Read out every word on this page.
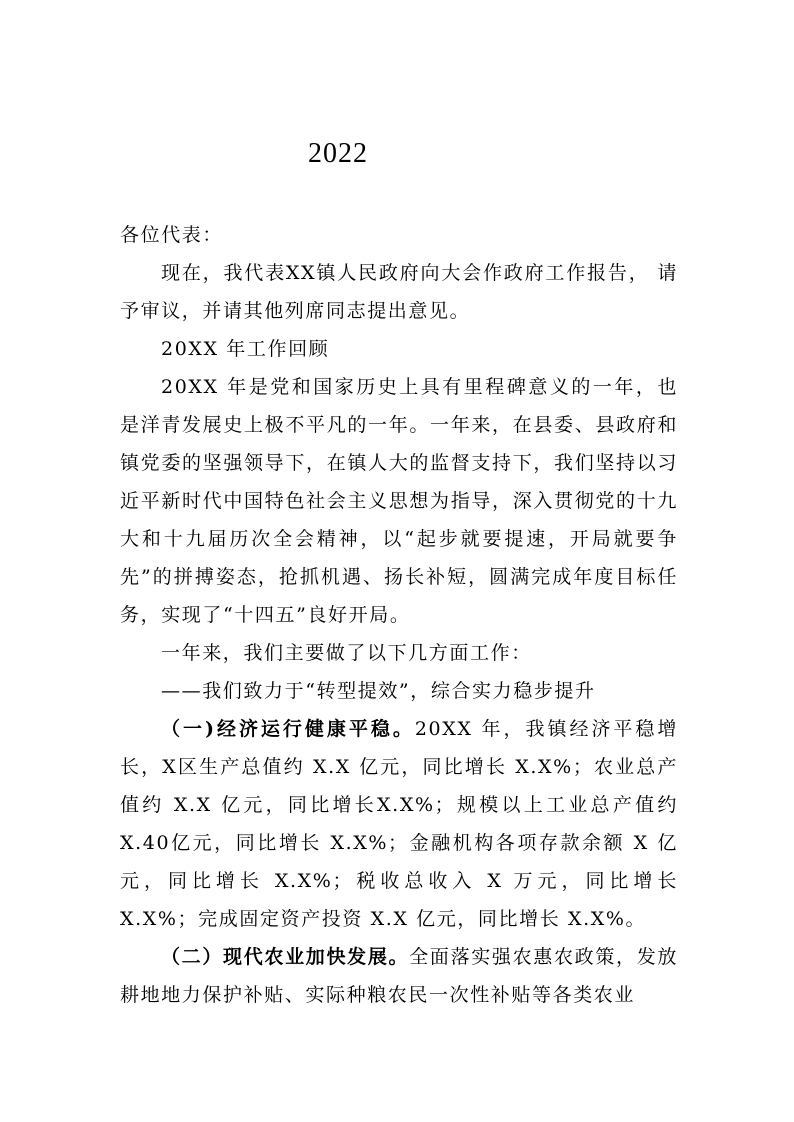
2022

各位代表：

现在，我代表XX镇人民政府向大会作政府工作报告， 请予审议，并请其他列席同志提出意见。

20XX 年工作回顾

20XX 年是党和国家历史上具有里程碑意义的一年，也是洋青发展史上极不平凡的一年。一年来，在县委、县政府和镇党委的坚强领导下，在镇人大的监督支持下，我们坚持以习近平新时代中国特色社会主义思想为指导，深入贯彻党的十九大和十九届历次全会精神，以“起步就要提速，开局就要争先”的拼搏姿态，抢抓机遇、扬长补短，圆满完成年度目标任务，实现了“十四五”良好开局。

一年来，我们主要做了以下几方面工作：

——我们致力于“转型提效”，综合实力稳步提升

（一)经济运行健康平稳。20XX 年，我镇经济平稳增长，X区生产总值约 X.X 亿元，同比增长 X.X%；农业总产值约 X.X 亿元，同比增长X.X%；规模以上工业总产值约X.40亿元，同比增长 X.X%；金融机构各项存款余额 X 亿元，同比增长 X.X%；税收总收入 X 万元，同比增长 X.X%；完成固定资产投资 X.X 亿元，同比增长 X.X%。

（二）现代农业加快发展。全面落实强农惠农政策，发放耕地地力保护补贴、实际种粮农民一次性补贴等各类农业
